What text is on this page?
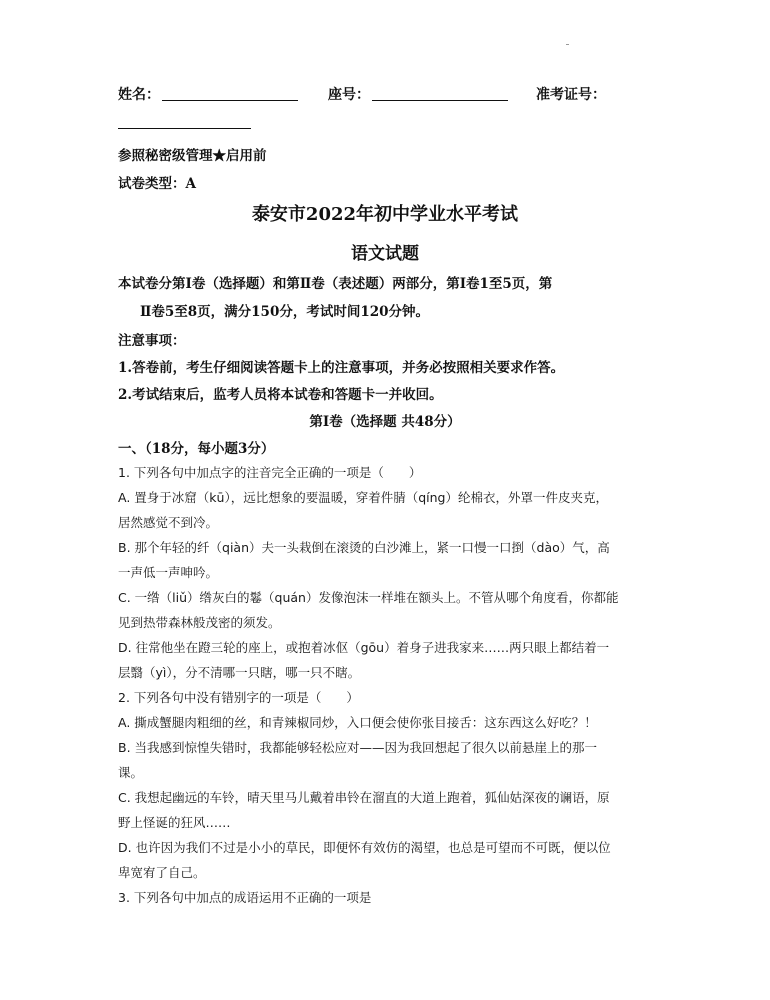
姓名：	座号：	准考证号：
参照秘密级管理★启用前
试卷类型：A
泰安市2022年初中学业水平考试
语文试题
本试卷分第Ⅰ卷（选择题）和第Ⅱ卷（表述题）两部分，第Ⅰ卷1至5页，第
Ⅱ卷5至8页，满分150分，考试时间120分钟。
注意事项：
1.答卷前，考生仔细阅读答题卡上的注意事项，并务必按照相关要求作答。
2.考试结束后，监考人员将本试卷和答题卡一并收回。
第Ⅰ卷（选择题 共48分）
一、（18分，每小题3分）
1. 下列各句中加点字的注音完全正确的一项是（　　）
A. 置身于冰窟（kū），远比想象的要温暖，穿着件腈（qíng）纶棉衣，外罩一件皮夹克，
居然感觉不到冷。
B. 那个年轻的纤（qiàn）夫一头栽倒在滚烫的白沙滩上，紧一口慢一口捯（dào）气，高
一声低一声呻吟。
C. 一绺（liǔ）绺灰白的鬈（quán）发像泡沫一样堆在额头上。不管从哪个角度看，你都能
见到热带森林般茂密的须发。
D. 往常他坐在蹬三轮的座上，或抱着冰伛（gōu）着身子进我家来……两只眼上都结着一
层翳（yì），分不清哪一只瞎，哪一只不瞎。
2. 下列各句中没有错别字的一项是（　　）
A. 撕成蟹腿肉粗细的丝，和青辣椒同炒，入口便会使你张目接舌：这东西这么好吃？！
B. 当我感到惊惶失错时，我都能够轻松应对——因为我回想起了很久以前悬崖上的那一
课。
C. 我想起幽远的车铃，晴天里马儿戴着串铃在溜直的大道上跑着，狐仙姑深夜的谰语，原
野上怪诞的狂风……
D. 也许因为我们不过是小小的草民，即便怀有效仿的渴望，也总是可望而不可既，便以位
卑宽宥了自己。
3. 下列各句中加点的成语运用不正确的一项是
